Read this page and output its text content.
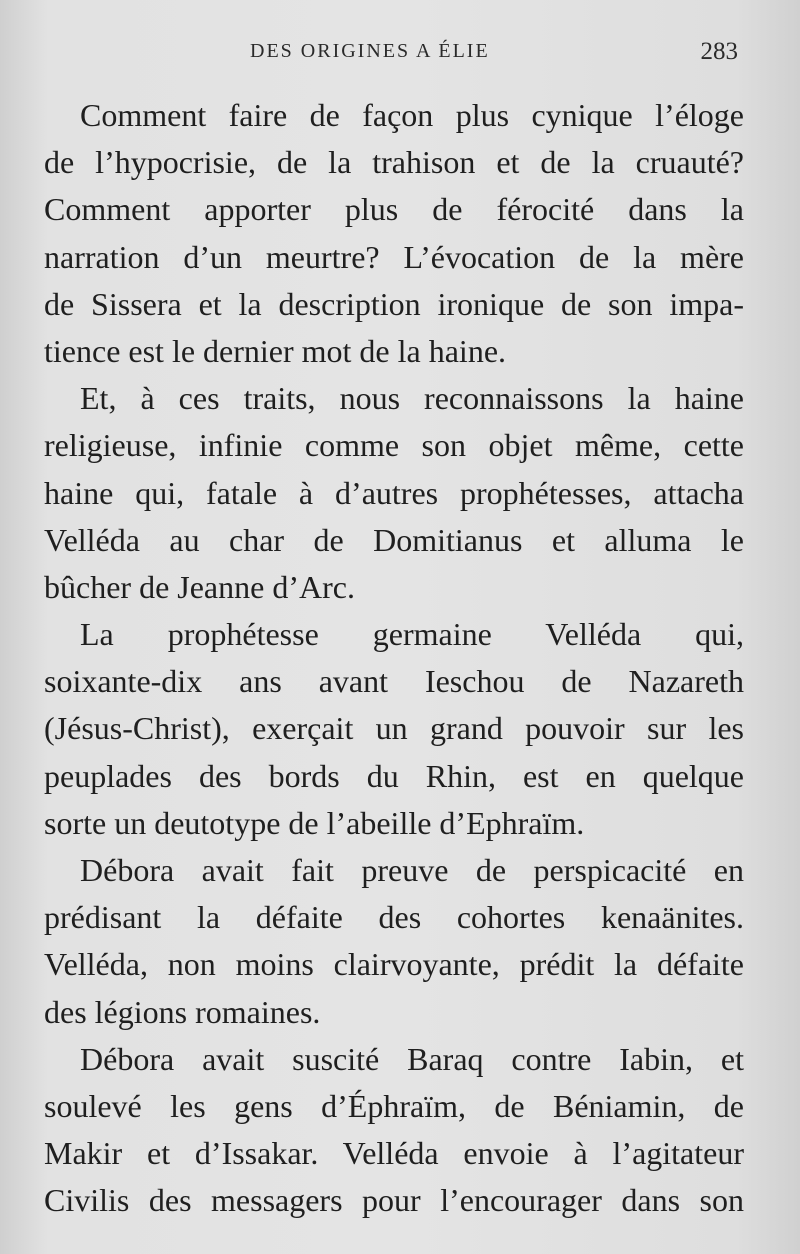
DES ORIGINES A ÉLIE	283
Comment faire de façon plus cynique l’éloge
de l’hypocrisie, de la trahison et de la cruauté?
Comment apporter plus de férocité dans la
narration d’un meurtre? L’évocation de la mère
de Sissera et la description ironique de son impa-
tience est le dernier mot de la haine.
Et, à ces traits, nous reconnaissons la haine
religieuse, infinie comme son objet même, cette
haine qui, fatale à d’autres prophétesses, attacha
Velléda au char de Domitianus et alluma le
bûcher de Jeanne d’Arc.
La prophétesse germaine Velléda qui,
soixante-dix ans avant Ieschou de Nazareth
(Jésus-Christ), exerçait un grand pouvoir sur les
peuplades des bords du Rhin, est en quelque
sorte un deutotype de l’abeille d’Ephraïm.
Débora avait fait preuve de perspicacité en
prédisant la défaite des cohortes kenaänites.
Velléda, non moins clairvoyante, prédit la défaite
des légions romaines.
Débora avait suscité Baraq contre Iabin, et
soulevé les gens d’Éphraïm, de Béniamin, de
Makir et d’Issakar. Velléda envoie à l’agitateur
Civilis des messagers pour l’encourager dans son
